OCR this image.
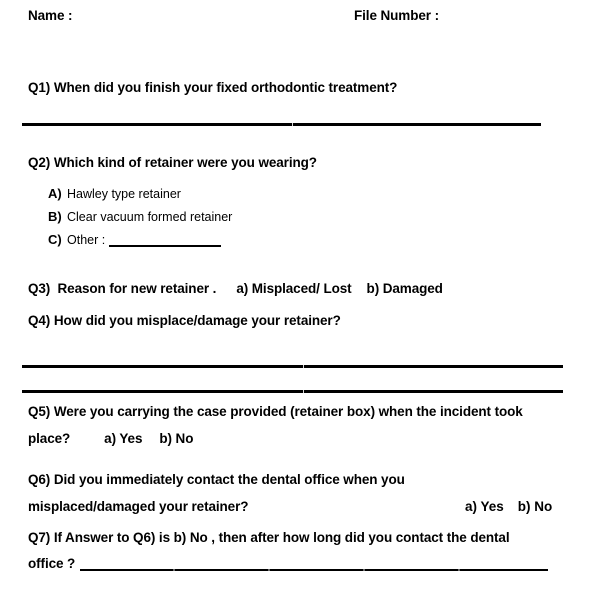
Name :	File Number :
Q1) When did you finish your fixed orthodontic treatment?
Q2) Which kind of retainer were you wearing?
A) Hawley type retainer
B) Clear vacuum formed retainer
C) Other :
Q3)  Reason for new retainer . a) Misplaced/ Lost b) Damaged
Q4) How did you misplace/damage your retainer?
Q5) Were you carrying the case provided (retainer box) when the incident took
place?	a) Yes b) No
Q6) Did you immediately contact the dental office when you
misplaced/damaged your retainer?	a) Yes b) No
Q7) If Answer to Q6) is b) No , then after how long did you contact the dental
office ?
